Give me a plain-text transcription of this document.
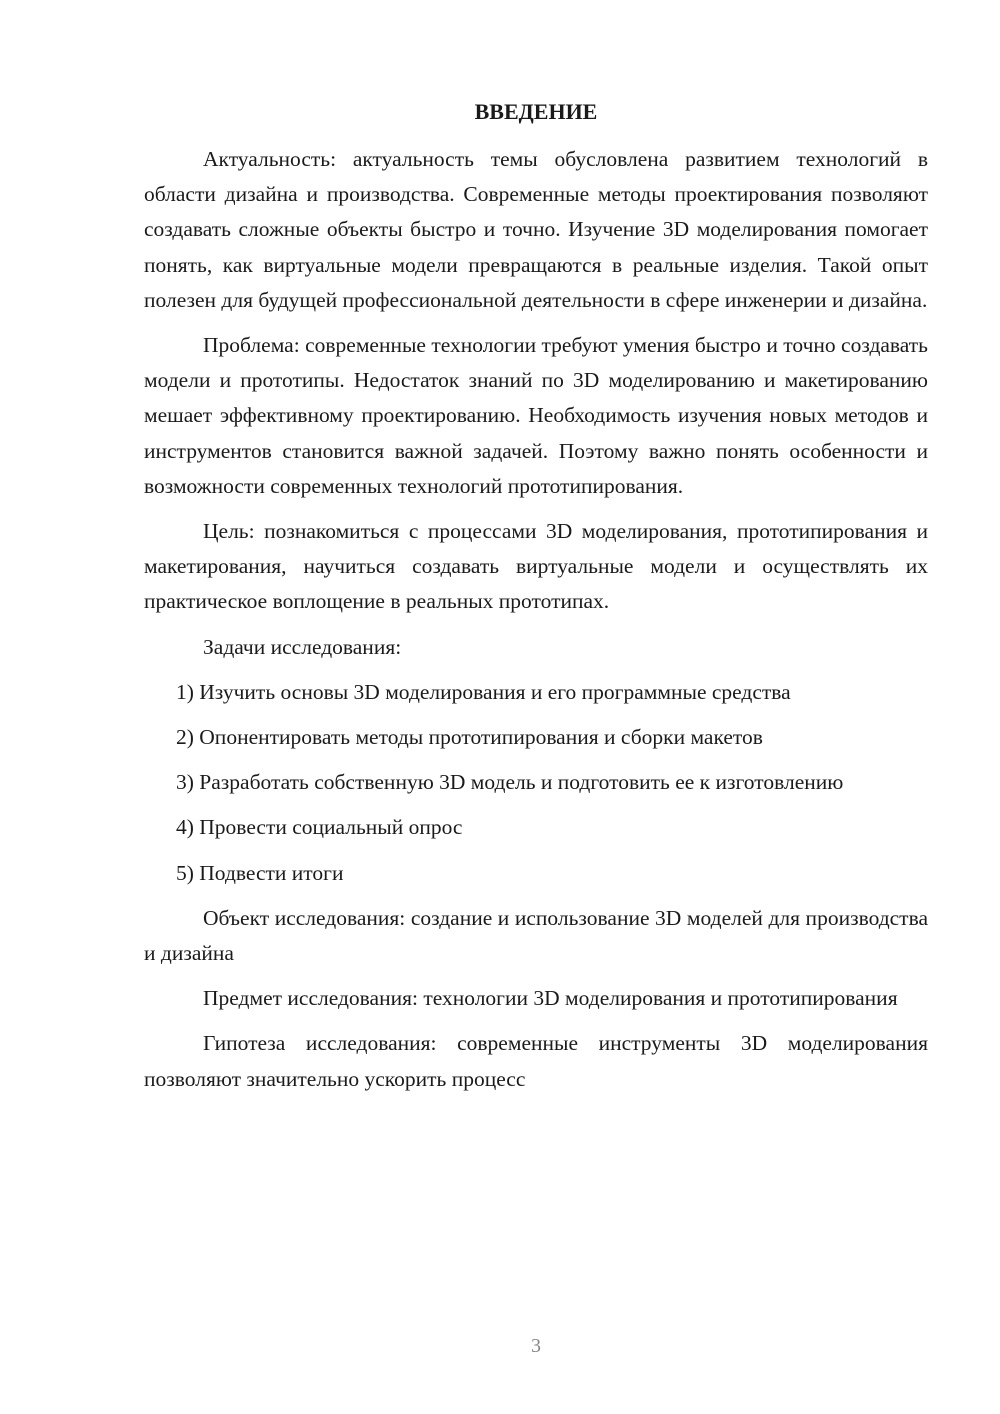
ВВЕДЕНИЕ

Актуальность: актуальность темы обусловлена развитием технологий в области дизайна и производства. Современные методы проектирования позволяют создавать сложные объекты быстро и точно. Изучение 3D моделирования помогает понять, как виртуальные модели превращаются в реальные изделия. Такой опыт полезен для будущей профессиональной деятельности в сфере инженерии и дизайна.

Проблема: современные технологии требуют умения быстро и точно создавать модели и прототипы. Недостаток знаний по 3D моделированию и макетированию мешает эффективному проектированию. Необходимость изучения новых методов и инструментов становится важной задачей. Поэтому важно понять особенности и возможности современных технологий прототипирования.

Цель: познакомиться с процессами 3D моделирования, прототипирования и макетирования, научиться создавать виртуальные модели и осуществлять их практическое воплощение в реальных прототипах.

Задачи исследования:

1) Изучить основы 3D моделирования и его программные средства

2) Опонентировать методы прототипирования и сборки макетов

3) Разработать собственную 3D модель и подготовить ее к изготовлению

4) Провести социальный опрос

5) Подвести итоги

Объект исследования: создание и использование 3D моделей для производства и дизайна

Предмет исследования: технологии 3D моделирования и прототипирования

Гипотеза исследования: современные инструменты 3D моделирования позволяют значительно ускорить процесс

3
